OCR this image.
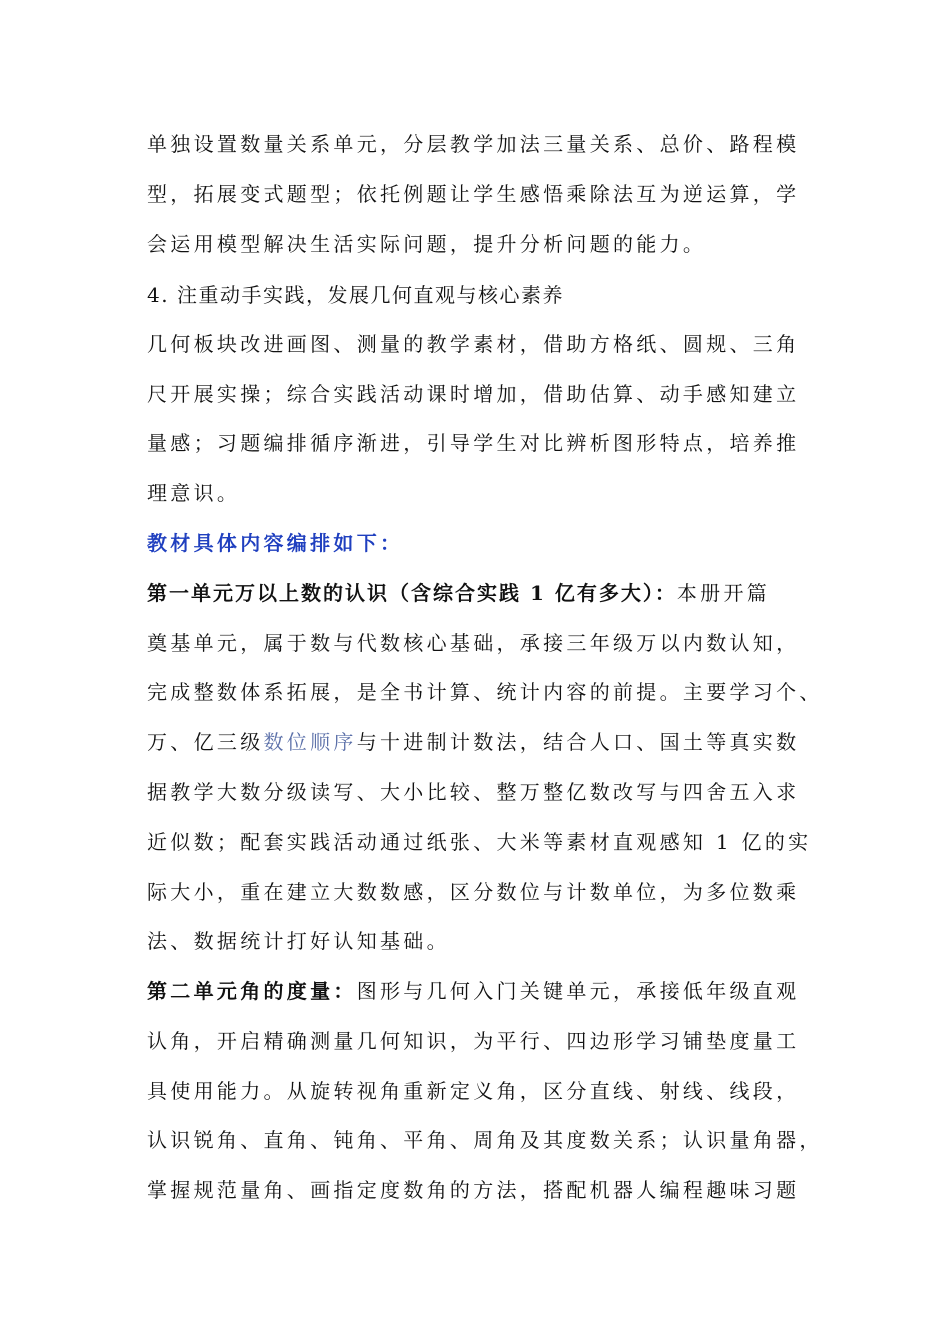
单独设置数量关系单元，分层教学加法三量关系、总价、路程模
型，拓展变式题型；依托例题让学生感悟乘除法互为逆运算，学
会运用模型解决生活实际问题，提升分析问题的能力。
4. 注重动手实践，发展几何直观与核心素养
几何板块改进画图、测量的教学素材，借助方格纸、圆规、三角
尺开展实操；综合实践活动课时增加，借助估算、动手感知建立
量感；习题编排循序渐进，引导学生对比辨析图形特点，培养推
理意识。
教材具体内容编排如下：
第一单元万以上数的认识（含综合实践 1 亿有多大）：本册开篇
奠基单元，属于数与代数核心基础，承接三年级万以内数认知，
完成整数体系拓展，是全书计算、统计内容的前提。主要学习个、
万、亿三级数位顺序与十进制计数法，结合人口、国土等真实数
据教学大数分级读写、大小比较、整万整亿数改写与四舍五入求
近似数；配套实践活动通过纸张、大米等素材直观感知 1 亿的实
际大小，重在建立大数数感，区分数位与计数单位，为多位数乘
法、数据统计打好认知基础。
第二单元角的度量：图形与几何入门关键单元，承接低年级直观
认角，开启精确测量几何知识，为平行、四边形学习铺垫度量工
具使用能力。从旋转视角重新定义角，区分直线、射线、线段，
认识锐角、直角、钝角、平角、周角及其度数关系；认识量角器，
掌握规范量角、画指定度数角的方法，搭配机器人编程趣味习题
